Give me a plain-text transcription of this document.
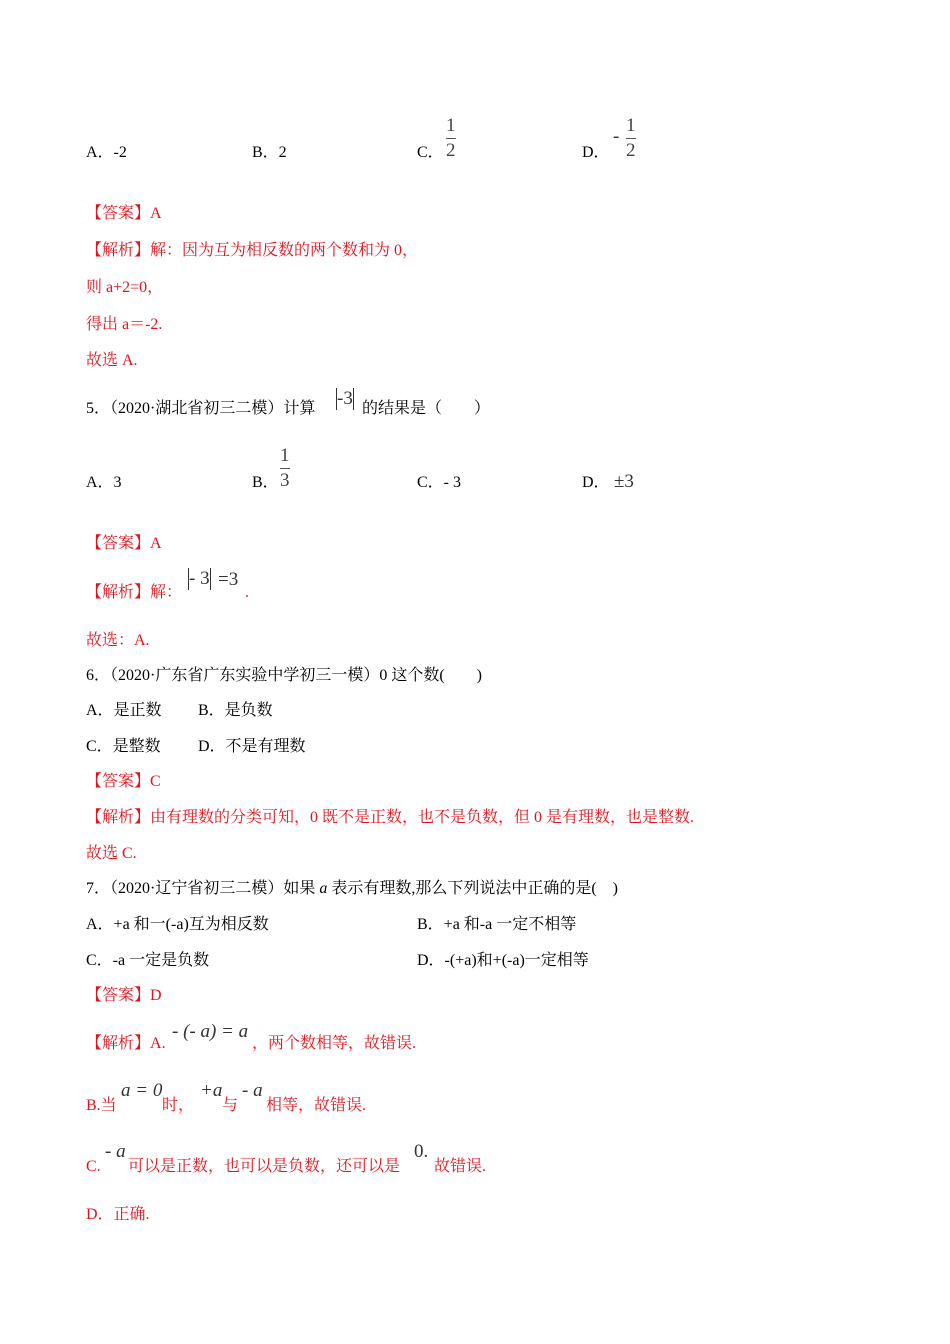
A．-2	B．2	C．
1
2	D．
-
1
2
【答案】A
【解析】解：因为互为相反数的两个数和为 0，
则 a+2=0，
得出 a＝-2.
故选 A.
5．（2020·湖北省初三二模）计算 -3 的结果是（　　）
A．3	B．
1
3	C．- 3	D． ±3
【答案】A
【解析】解：
- 3 =3
.
故选：A.
6．（2020·广东省广东实验中学初三一模）0 这个数(　　)
A．是正数 B．是负数
C．是整数 D．不是有理数
【答案】C
【解析】由有理数的分类可知，0 既不是正数，也不是负数，但 0 是有理数，也是整数.
故选 C.
7．（2020·辽宁省初三二模）如果 a 表示有理数,那么下列说法中正确的是(　)
A．+a 和一(-a)互为相反数	B．+a 和-a 一定不相等
C．-a 一定是负数	D．-(+a)和+(-a)一定相等
【答案】D
【解析】A.
- (- a) = a
，两个数相等，故错误.
B.当
a = 0
时，
+a
与
- a
相等，故错误.
C.
- a
可以是正数，也可以是负数，还可以是
0.
故错误.
D．正确.
